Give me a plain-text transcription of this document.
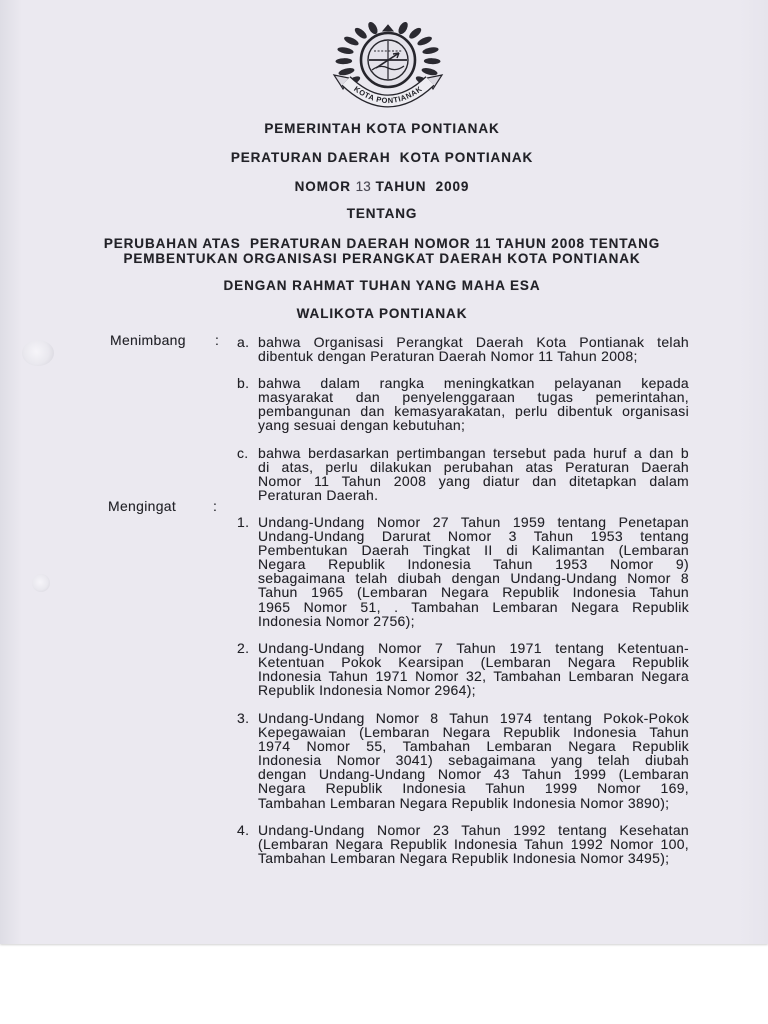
KOTA PONTIANAK
PEMERINTAH KOTA PONTIANAK
PERATURAN DAERAH  KOTA PONTIANAK
NOMOR 13 TAHUN  2009
TENTANG
PERUBAHAN ATAS  PERATURAN DAERAH NOMOR 11 TAHUN 2008 TENTANG
PEMBENTUKAN ORGANISASI PERANGKAT DAERAH KOTA PONTIANAK
DENGAN RAHMAT TUHAN YANG MAHA ESA
WALIKOTA PONTIANAK
Menimbang : a. bahwa Organisasi Perangkat Daerah Kota Pontianak telah
dibentuk dengan Peraturan Daerah Nomor 11 Tahun 2008;
b. bahwa dalam rangka meningkatkan pelayanan kepada
masyarakat dan penyelenggaraan tugas pemerintahan,
pembangunan dan kemasyarakatan, perlu dibentuk organisasi
yang sesuai dengan kebutuhan;
c. bahwa berdasarkan pertimbangan tersebut pada huruf a dan b
di atas, perlu dilakukan perubahan atas Peraturan Daerah
Nomor 11 Tahun 2008 yang diatur dan ditetapkan dalam
Peraturan Daerah.
Mengingat	:
1. Undang-Undang Nomor 27 Tahun 1959 tentang Penetapan
Undang-Undang Darurat Nomor 3 Tahun 1953 tentang
Pembentukan Daerah Tingkat II di Kalimantan (Lembaran
Negara Republik Indonesia Tahun 1953 Nomor 9)
sebagaimana telah diubah dengan Undang-Undang Nomor 8
Tahun 1965 (Lembaran Negara Republik Indonesia Tahun
1965 Nomor 51, . Tambahan Lembaran Negara Republik
Indonesia Nomor 2756);
2. Undang-Undang Nomor 7 Tahun 1971 tentang Ketentuan-
Ketentuan Pokok Kearsipan (Lembaran Negara Republik
Indonesia Tahun 1971 Nomor 32, Tambahan Lembaran Negara
Republik Indonesia Nomor 2964);
3. Undang-Undang Nomor 8 Tahun 1974 tentang Pokok-Pokok
Kepegawaian (Lembaran Negara Republik Indonesia Tahun
1974 Nomor 55, Tambahan Lembaran Negara Republik
Indonesia Nomor 3041) sebagaimana yang telah diubah
dengan Undang-Undang Nomor 43 Tahun 1999 (Lembaran
Negara Republik Indonesia Tahun 1999 Nomor 169,
Tambahan Lembaran Negara Republik Indonesia Nomor 3890);
4. Undang-Undang Nomor 23 Tahun 1992 tentang Kesehatan
(Lembaran Negara Republik Indonesia Tahun 1992 Nomor 100,
Tambahan Lembaran Negara Republik Indonesia Nomor 3495);
